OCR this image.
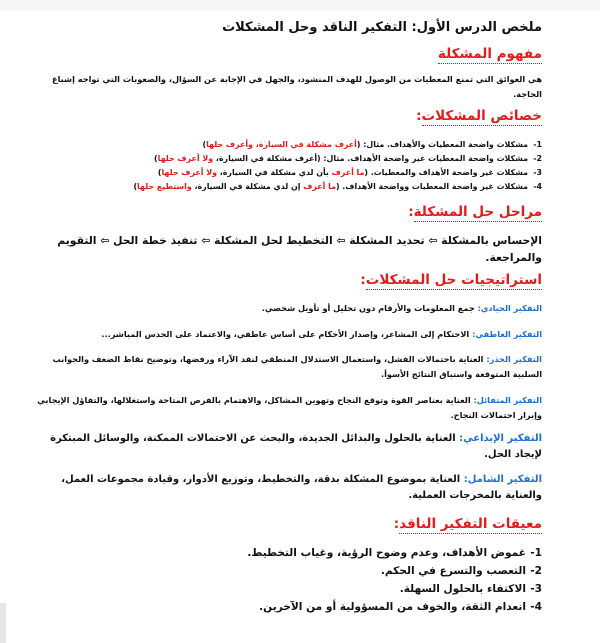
ملخص الدرس الأول: التفكير الناقد وحل المشكلات
مفهوم المشكلة
هي العوائق التي تمنع المعطيات من الوصول للهدف المنشود، والجهل في الإجابة عن السؤال، والصعوبات التي تواجه إشباع الحاجة.
خصائص المشكلات:
1-مشكلات واضحة المعطيات والأهداف. مثال: (أعرف مشكلة في السيارة، وأعرف حلها)
2-مشكلات واضحة المعطيات غير واضحة الأهداف. مثال: (أعرف مشكلة في السيارة، ولا أعرف حلها)
3-مشكلات غير واضحة الأهداف والمعطيات. (ما أعرف بأن لدي مشكلة في السيارة، ولا أعرف حلها)
4-مشكلات غير واضحة المعطيات وواضحة الأهداف. (ما أعرف إن لدي مشكلة في السيارة، واستطيع حلها)
مراحل حل المشكلة:
الإحساس بالمشكلة ⇦ تحديد المشكلة ⇦ التخطيط لحل المشكلة ⇦ تنفيذ خطة الحل ⇦ التقويم والمراجعة.
استراتيجيات حل المشكلات:
التفكير الحيادي: جمع المعلومات والأرقام دون تحليل أو تأويل شخصي.
التفكير العاطفي: الاحتكام إلى المشاعر، وإصدار الأحكام على أساس عاطفي، والاعتماد على الحدس المباشر...
التفكير الحذر: العناية باحتمالات الفشل، واستعمال الاستدلال المنطقي لنقد الآراء ورفضها، وتوضيح نقاط الضعف والجوانب السلبية المتوقعة واستباق النتائج الأسوأ.
التفكير المتفائل: العناية بعناصر القوة وتوقع النجاح وتهوين المشاكل، والاهتمام بالفرص المتاحة واستغلالها، والتفاؤل الإيجابي وإبراز احتمالات النجاح.
التفكير الإبداعي: العناية بالحلول والبدائل الجديدة، والبحث عن الاحتمالات الممكنة، والوسائل المبتكرة لإيجاد الحل.
التفكير الشامل: العناية بموضوع المشكلة بدقة، والتخطيط، وتوزيع الأدوار، وقيادة مجموعات العمل، والعناية بالمخرجات العملية.
معيقات التفكير الناقد:
1-غموض الأهداف، وعدم وضوح الرؤية، وغياب التخطيط.
2-التعصب والتسرع في الحكم.
3-الاكتفاء بالحلول السهلة.
4-انعدام الثقة، والخوف من المسؤولية أو من الآخرين.
